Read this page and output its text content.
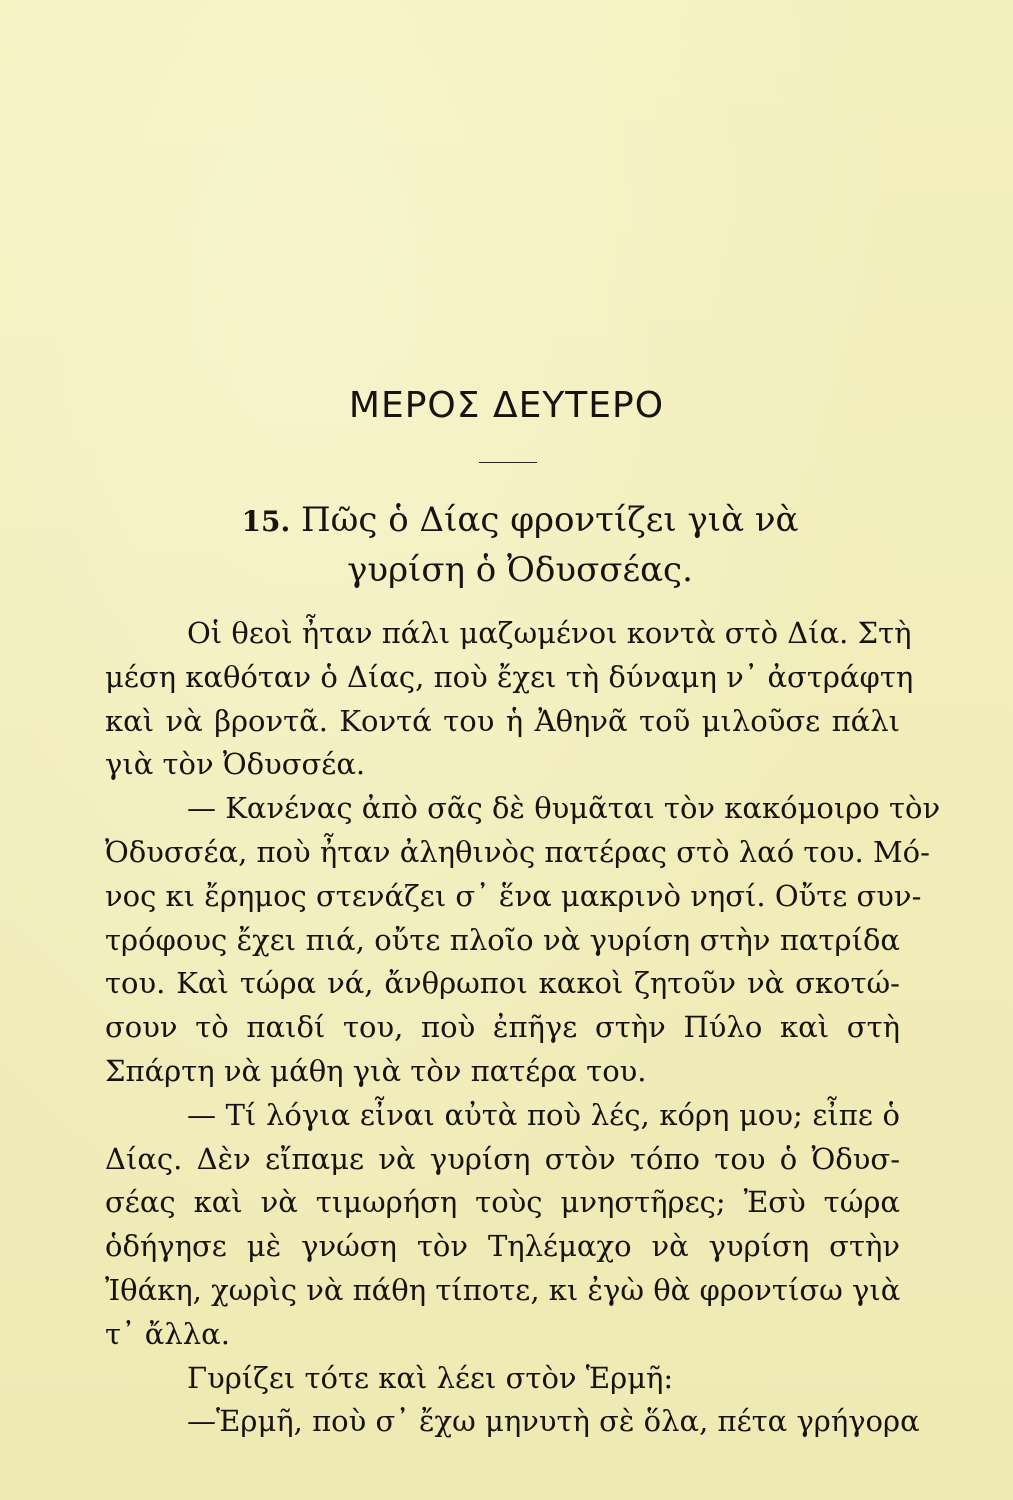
ΜΕΡΟΣ ΔΕΥΤΕΡΟ
15. Πῶς ὁ Δίας φροντίζει γιὰ νὰ
γυρίση ὁ Ὀδυσσέας.

Οἱ θεοὶ ἦταν πάλι μαζωμένοι κοντὰ στὸ Δία. Στὴ
μέση καθόταν ὁ Δίας, ποὺ ἔχει τὴ δύναμη ν᾽ ἀστράφτη
καὶ νὰ βροντᾶ. Κοντά του ἡ Ἀθηνᾶ τοῦ μιλοῦσε πάλι
γιὰ τὸν Ὀδυσσέα.

— Κανένας ἀπὸ σᾶς δὲ θυμᾶται τὸν κακόμοιρο τὸν
Ὀδυσσέα, ποὺ ἦταν ἀληθινὸς πατέρας στὸ λαό του. Μό-
νος κι ἔρημος στενάζει σ᾽ ἕνα μακρινὸ νησί. Οὔτε συν-
τρόφους ἔχει πιά, οὔτε πλοῖο νὰ γυρίση στὴν πατρίδα
του. Καὶ τώρα νά, ἄνθρωποι κακοὶ ζητοῦν νὰ σκοτώ-
σουν τὸ παιδί του, ποὺ ἐπῆγε στὴν Πύλο καὶ στὴ
Σπάρτη νὰ μάθη γιὰ τὸν πατέρα του.

— Τί λόγια εἶναι αὐτὰ ποὺ λές, κόρη μου; εἶπε ὁ
Δίας. Δὲν εἴπαμε νὰ γυρίση στὸν τόπο του ὁ Ὀδυσ-
σέας καὶ νὰ τιμωρήση τοὺς μνηστῆρες; Ἐσὺ τώρα
ὁδήγησε μὲ γνώση τὸν Τηλέμαχο νὰ γυρίση στὴν
Ἰθάκη, χωρὶς νὰ πάθη τίποτε, κι ἐγὼ θὰ φροντίσω γιὰ
τ᾽ ἄλλα.

Γυρίζει τότε καὶ λέει στὸν Ἑρμῆ:

—Ἑρμῆ, ποὺ σ᾽ ἔχω μηνυτὴ σὲ ὅλα, πέτα γρήγορα
